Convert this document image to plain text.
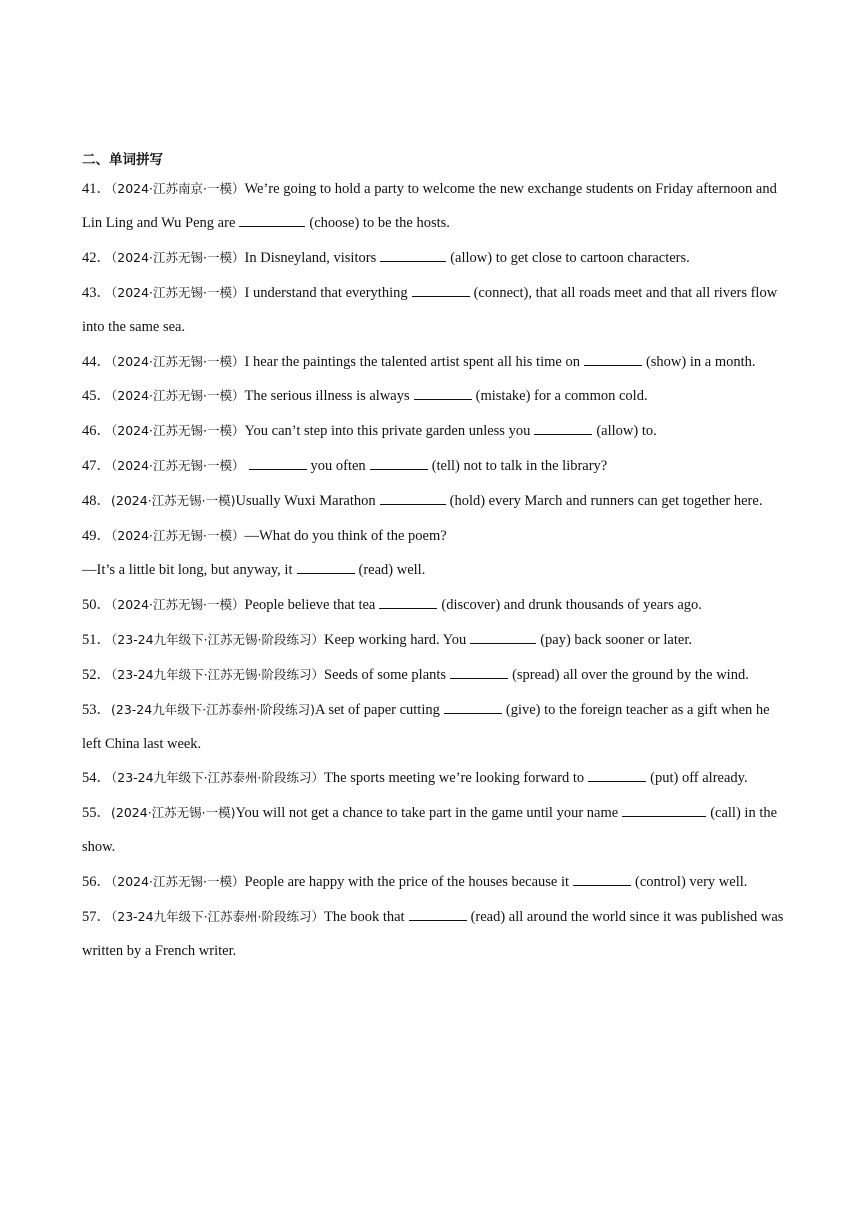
二、单词拼写

41．（2024·江苏南京·一模）We’re going to hold a party to welcome the new exchange students on Friday afternoon and Lin Ling and Wu Peng are	(choose) to be the hosts.

42．（2024·江苏无锡·一模）In Disneyland, visitors	(allow) to get close to cartoon characters.

43．（2024·江苏无锡·一模）I understand that everything	(connect), that all roads meet and that all rivers flow into the same sea.

44．（2024·江苏无锡·一模）I hear the paintings the talented artist spent all his time on	(show) in a month.

45．（2024·江苏无锡·一模）The serious illness is always	(mistake) for a common cold.

46．（2024·江苏无锡·一模）You can’t step into this private garden unless you	(allow) to.

47．（2024·江苏无锡·一模）	you often	(tell) not to talk in the library?

48．(2024·江苏无锡·一模)Usually Wuxi Marathon	(hold) every March and runners can get together here.

49．（2024·江苏无锡·一模）—What do you think of the poem?
—It’s a little bit long, but anyway, it	(read) well.

50．（2024·江苏无锡·一模）People believe that tea	(discover) and drunk thousands of years ago.

51．（23-24九年级下·江苏无锡·阶段练习）Keep working hard. You	(pay) back sooner or later.

52．（23-24九年级下·江苏无锡·阶段练习）Seeds of some plants	(spread) all over the ground by the wind.

53．(23-24九年级下·江苏泰州·阶段练习)A set of paper cutting	(give) to the foreign teacher as a gift when he left China last week.

54．（23-24九年级下·江苏泰州·阶段练习）The sports meeting we’re looking forward to	(put) off already.

55．(2024·江苏无锡·一模)You will not get a chance to take part in the game until your name	(call) in the show.

56．（2024·江苏无锡·一模）People are happy with the price of the houses because it	(control) very well.

57．（23-24九年级下·江苏泰州·阶段练习）The book that	(read) all around the world since it was published was written by a French writer.
